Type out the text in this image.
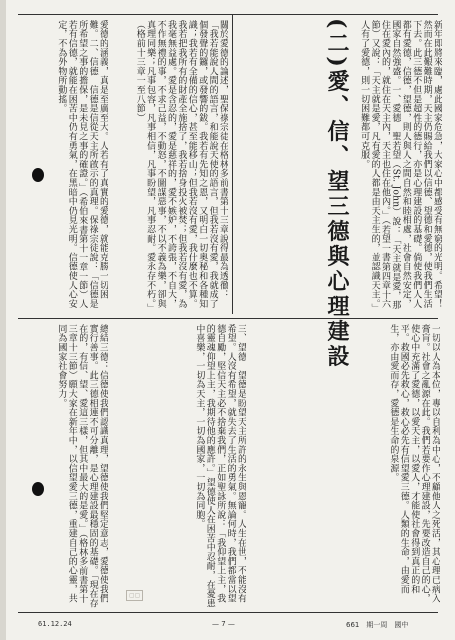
(二)愛、信、望三德與心理建設	新年即將來臨，處此國家危急，大家心中都感受有無窮的光明。希望！然而在此艱難時期，天主仍賜給我們以信德、望德和愛德，使我們生活下去。此三德不但是超性的德行，亦是心理建設的基礎。倘使我們人人都有愛德，信德，望德，則人與人之間自然和睦相處，社會自然安定，國家自然強盛。一、愛德　聖若望（St. John）說：「天主就是愛，那住在愛內的，就住在天主內，天主也住在他內。」（若望一書第四章十六節）又說：「天主就是愛，凡有愛的人都是由天主生的，並認識天主。」人有了愛德，則一切困難都可克服。
關於愛德的論述，聖保祿宗徒在格林多前書第十三章說得最為透徹：「我若能說人間的語言，和能說天使的語言，但我若沒有愛，我就成了個發聲的鑼，或發響的鈸。我若有先知之恩，又明白一切奧秘和各種知識；我若有全備的信心，甚至能移山；但我若沒有愛，我什麼也不算。我若把我所有的財產全施捨了，我若捨身投火被焚；但我若沒有愛，為我毫無益處。愛是含忍的，愛是慈祥的，愛不嫉妒，不誇張，不自大，不作無禮的事，不求己益，不動怒，不圖謀惡事，不以不義為樂，卻與真理同樂；凡事包容，凡事相信，凡事盼望，凡事忍耐。愛永存不朽。」（格前十三章一至八節）
愛德的涵義，真是至廣至大。人若有了真實的愛德，就能克勝一切困難。二、信德　信德是信從天主所啟示的真理。保祿宗徒說：「信德是所希望之事的擔保，是未見之事的確證。」（希伯來書第十一章一節）人若有信德，就能在困苦中仍有勇氣，在黑暗中仍見光明。信德使人心安定，不為外物所動搖。
一切以人為本位，專以自利為中心，不顧他人之死活，其心理已病入膏肓。社會之亂源在此。我們若要作心理建設，先要改造自己的心，使心中充滿了愛德，以愛天主，以愛人，才能使社會得到真正的和平。救國必先救心，救心必先有信望愛三德。人類的生命，由愛而生，亦由愛而存，愛德是生命的泉源。
三、望德　望德是盼望天主所許的永生與恩寵。人生在世，不能沒有希望。人沒有希望，就失去了生活的勇氣。無論何時，我們都當以望德自勵，堅信天主必不捨棄我們，正如聖詠所說：「我仰望上主，我的靈魂仰望上主，我期待他的應許。」望德使人在困苦中忍耐，在憂患中喜樂，一切為天主，一切為國家，一切為同胞。
總結三德：信德使我們認識真理，望德使我們堅定意志，愛德使我們實行善事。此三德相連不可分離，是心理建設最穩固的基礎。「現在存在的，有信、望、愛這三樣，但其中最大的是愛。」（格林多前書第十三章十三節）願大家在新年中，以信望愛三德，重建自己的心靈，共同為國家社會努力。
▢▢
61.12.24	— 7 —	661　期一周　國中
